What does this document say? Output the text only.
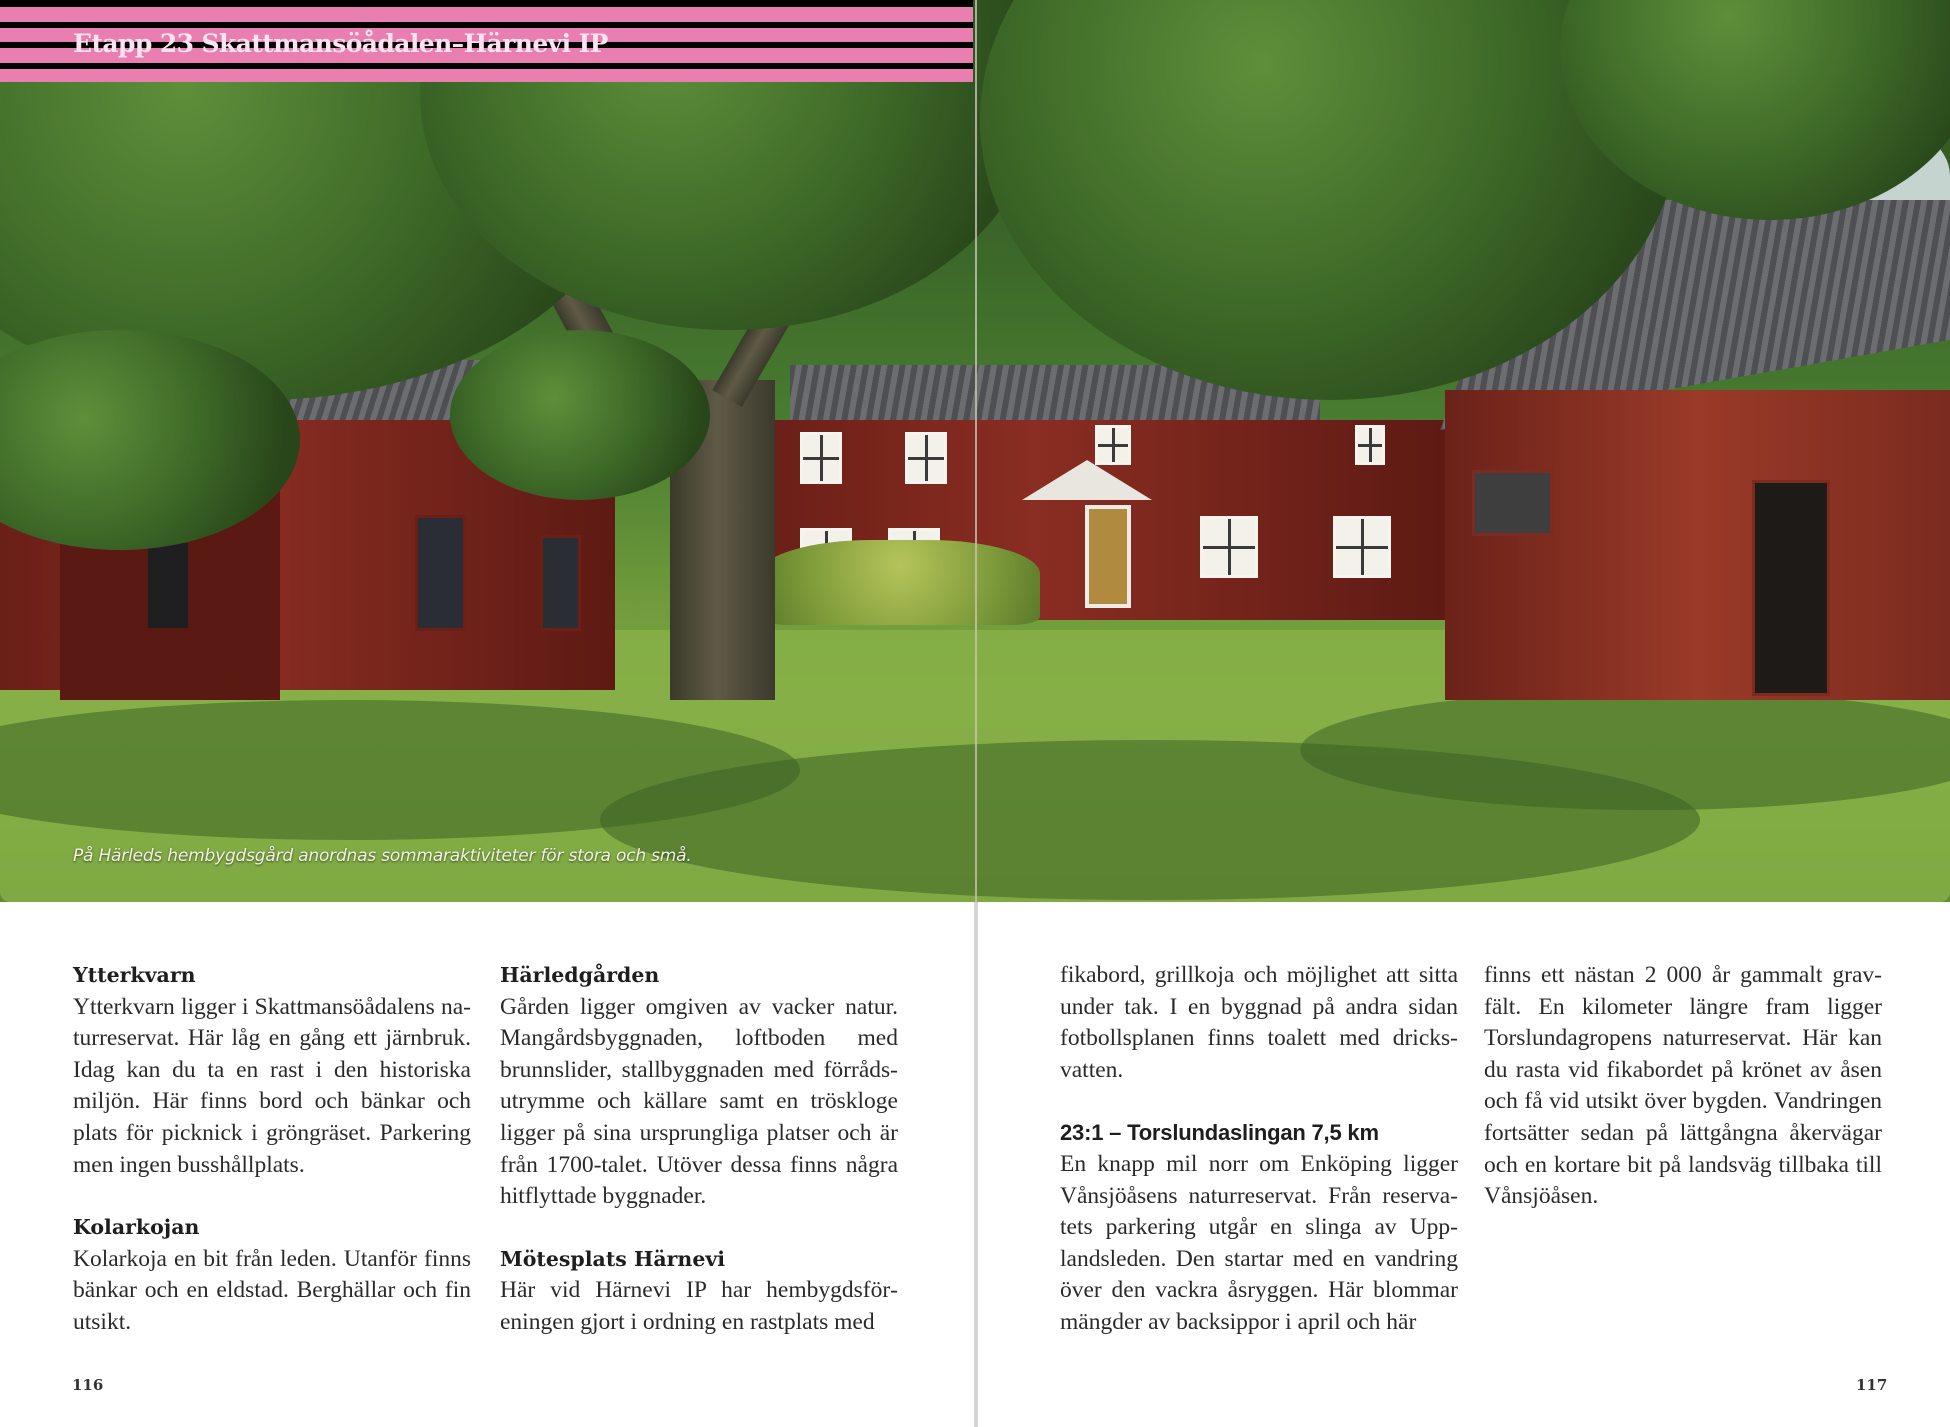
På Härleds hembygdsgård anordnas sommaraktiviteter för stora och små.
Etapp 23 Skattmansöådalen–Härnevi IP
Ytterkvarn

Ytterkvarn ligger i Skattmansöådalens naturreservat. Här låg en gång ett järnbruk. Idag kan du ta en rast i den historiska miljön. Här finns bord och bänkar och plats för picknick i gröngräset. Parkering men ingen busshållplats.

Kolarkojan

Kolarkoja en bit från leden. Utanför finns bänkar och en eldstad. Berghällar och fin utsikt.

Härledgården

Gården ligger omgiven av vacker natur. Mangårdsbyggnaden, loftboden med brunnslider, stallbyggnaden med förrådsutrymme och källare samt en tröskloge ligger på sina ursprungliga platser och är från 1700-talet. Utöver dessa finns några hitflyttade byggnader.

Mötesplats Härnevi

Här vid Härnevi IP har hembygdsföreningen gjort i ordning en rastplats med

116

fikabord, grillkoja och möjlighet att sitta under tak. I en byggnad på andra sidan fotbollsplanen finns toalett med dricksvatten.

23:1 – Torslundaslingan 7,5 km

En knapp mil norr om Enköping ligger Vånsjöåsens naturreservat. Från reservatets parkering utgår en slinga av Upplandsleden. Den startar med en vandring över den vackra åsryggen. Här blommar mängder av backsippor i april och här

finns ett nästan 2 000 år gammalt gravfält. En kilometer längre fram ligger Torslundagropens naturreservat. Här kan du rasta vid fikabordet på krönet av åsen och få vid utsikt över bygden. Vandringen fortsätter sedan på lättgångna åkervägar och en kortare bit på landsväg tillbaka till Vånsjöåsen.

117
